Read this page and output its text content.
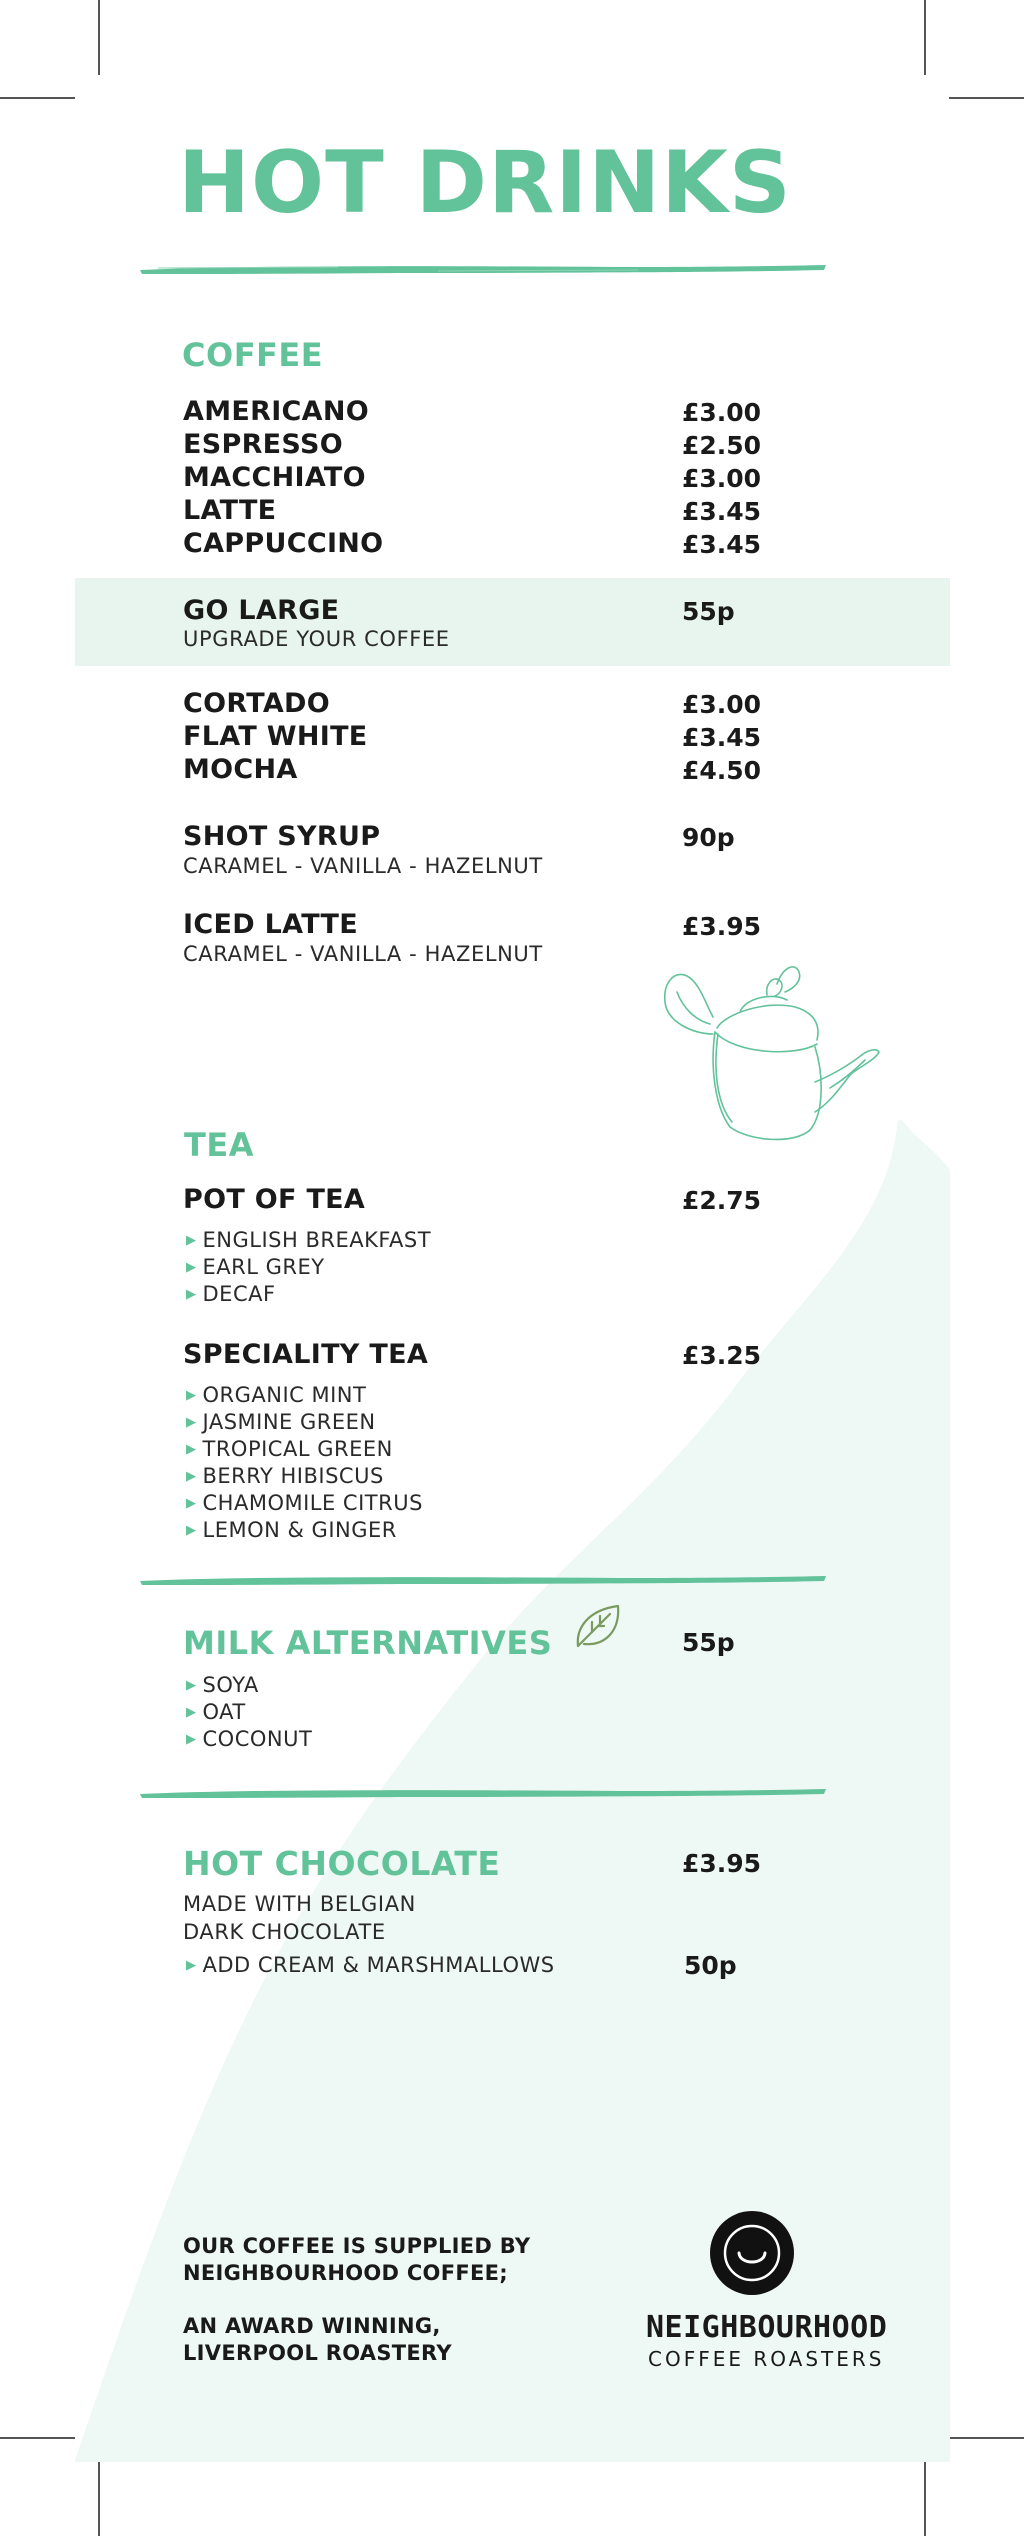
HOT DRINKS
COFFEE
AMERICANO	£3.00
ESPRESSO	£2.50
MACCHIATO	£3.00
LATTE	£3.45
CAPPUCCINO	£3.45
GO LARGE	55p
UPGRADE YOUR COFFEE
CORTADO	£3.00
FLAT WHITE	£3.45
MOCHA	£4.50
SHOT SYRUP	90p
CARAMEL - VANILLA - HAZELNUT
ICED LATTE	£3.95
CARAMEL - VANILLA - HAZELNUT
TEA
POT OF TEA	£2.75
▶ ENGLISH BREAKFAST
▶ EARL GREY
▶ DECAF
SPECIALITY TEA	£3.25
▶ ORGANIC MINT
▶ JASMINE GREEN
▶ TROPICAL GREEN
▶ BERRY HIBISCUS
▶ CHAMOMILE CITRUS
▶ LEMON & GINGER
MILK ALTERNATIVES	55p
▶ SOYA
▶ OAT
▶ COCONUT
HOT CHOCOLATE	£3.95
MADE WITH BELGIAN
DARK CHOCOLATE
▶ ADD CREAM & MARSHMALLOWS	50p
OUR COFFEE IS SUPPLIED BY
NEIGHBOURHOOD COFFEE;
AN AWARD WINNING,
LIVERPOOL ROASTERY
NEIGHBOURHOOD
COFFEE ROASTERS
